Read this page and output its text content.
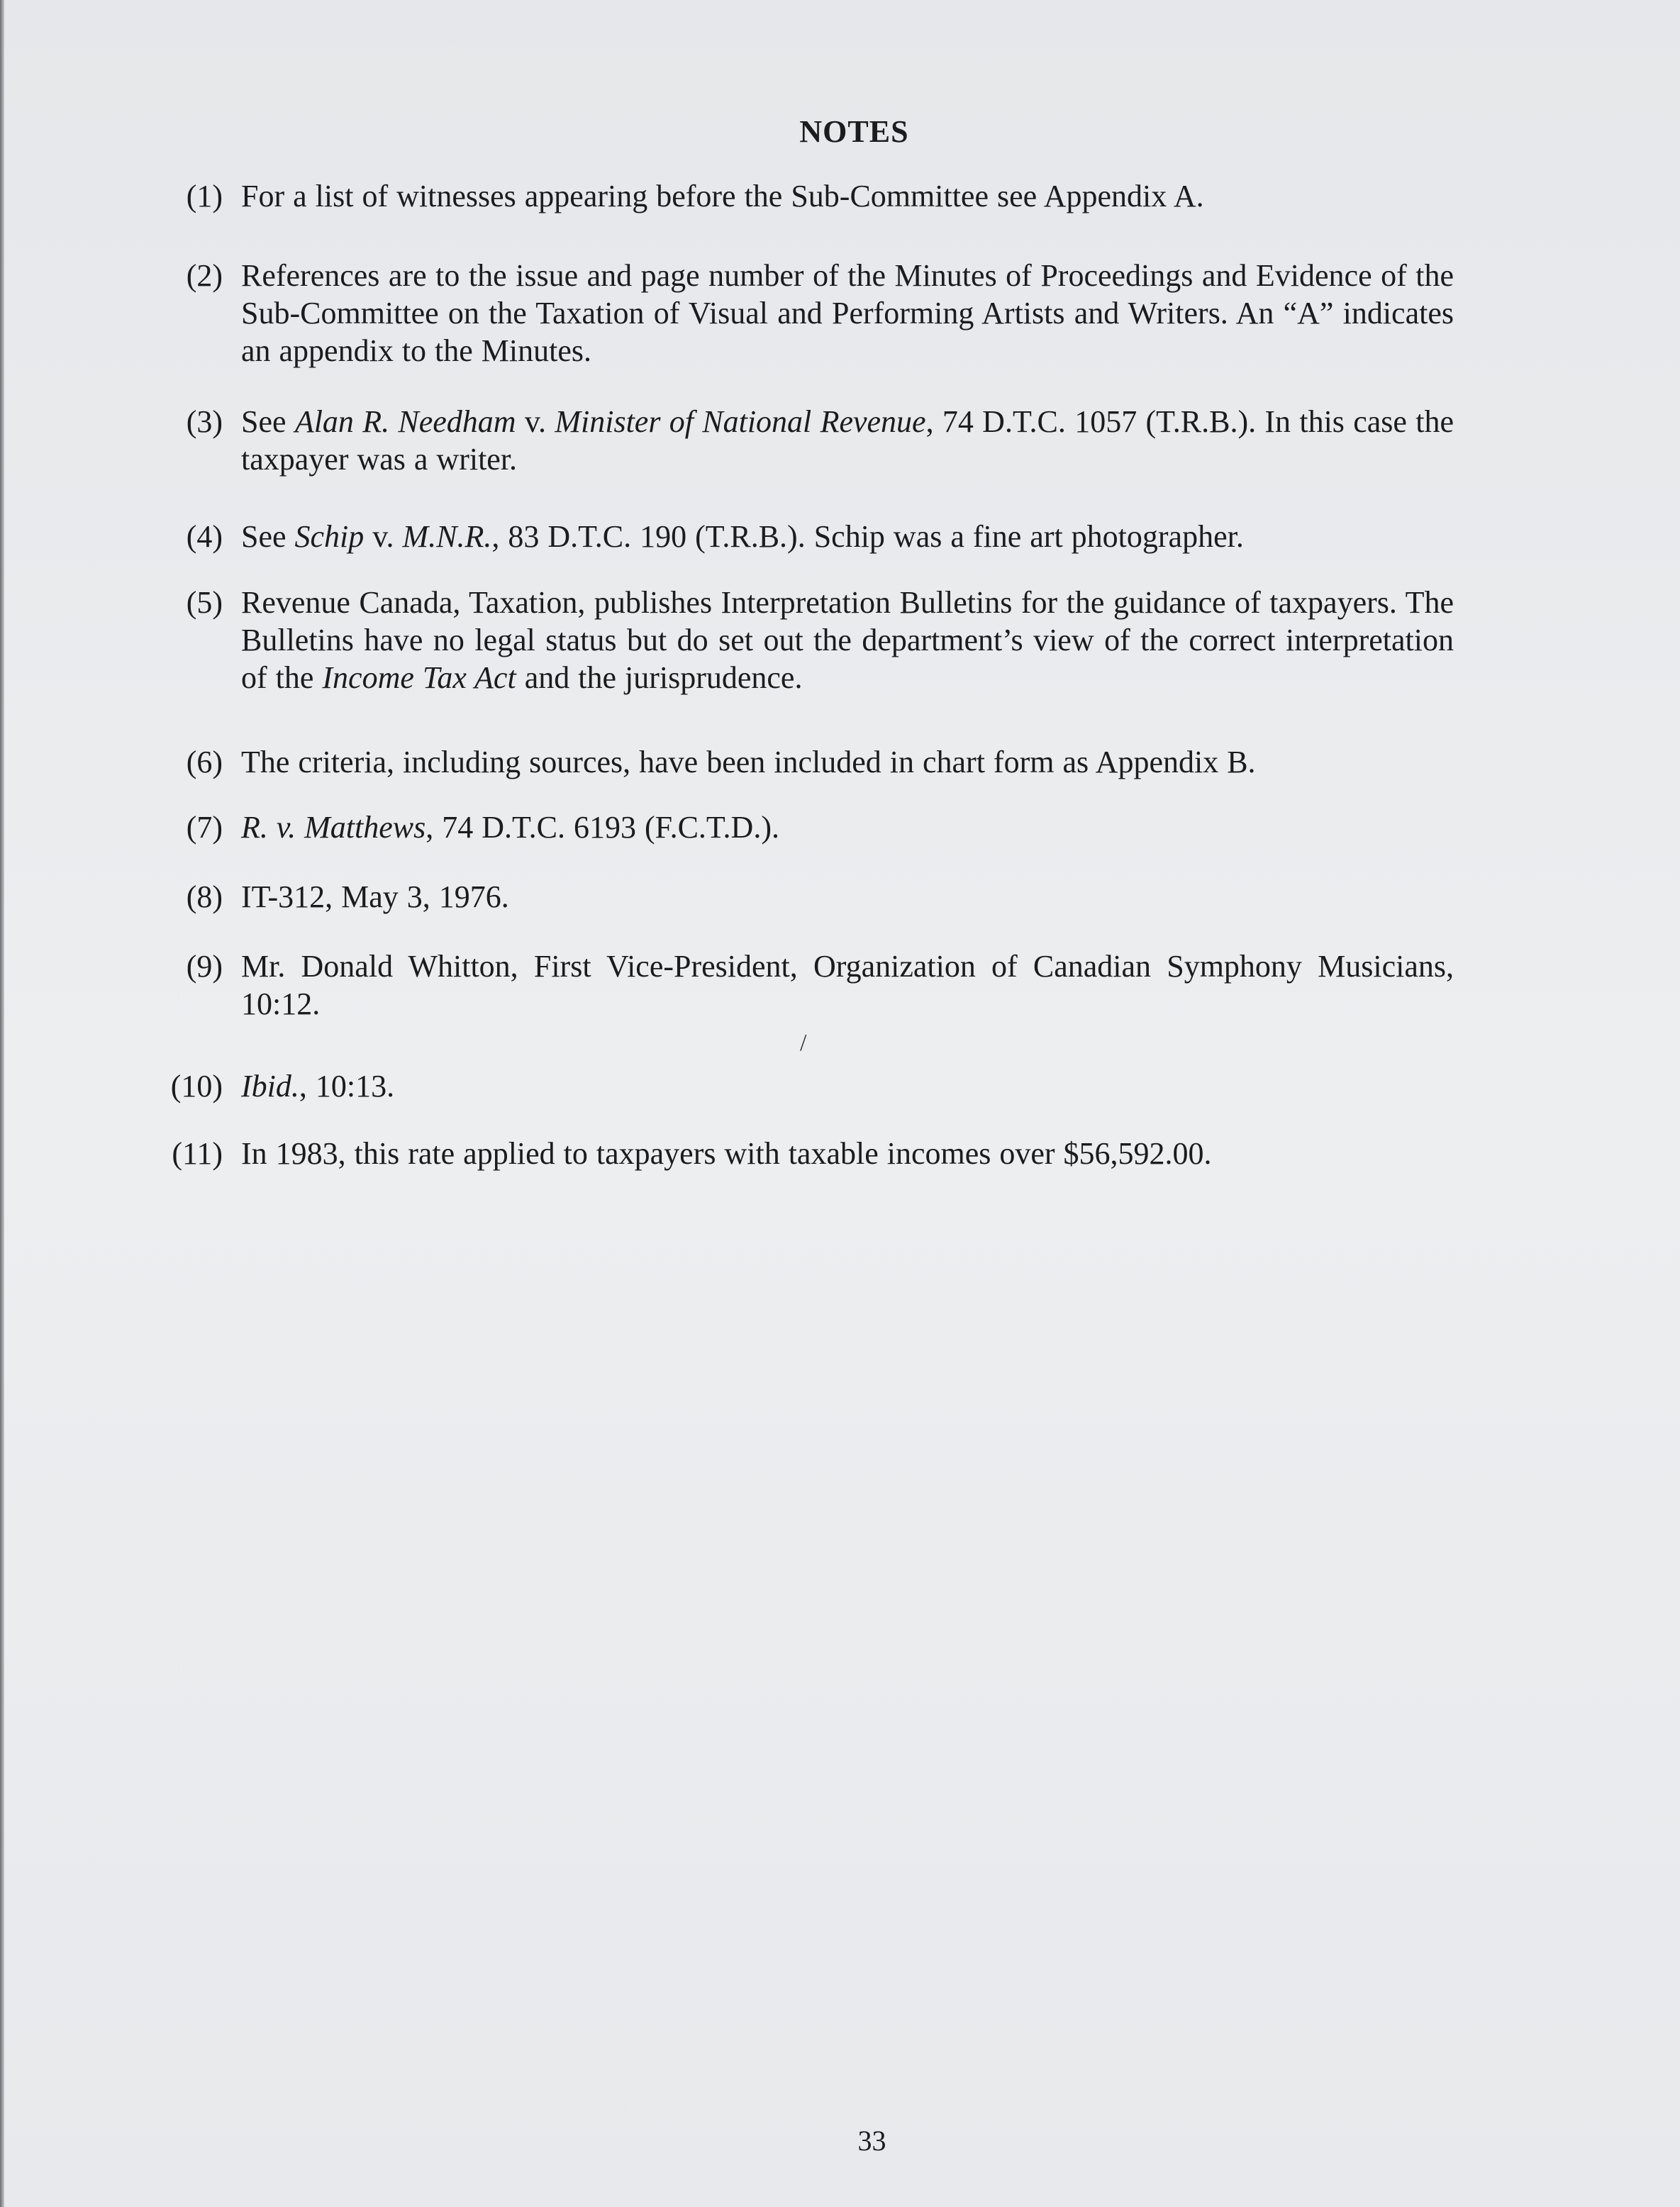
NOTES
(1) For a list of witnesses appearing before the Sub-Committee see Appendix A.
(2) References are to the issue and page number of the Minutes of Proceedings and Evidence of the Sub-Committee on the Taxation of Visual and Performing Artists and Writers. An “A” indicates an appendix to the Minutes.
(3) See Alan R. Needham v. Minister of National Revenue, 74 D.T.C. 1057 (T.R.B.). In this case the taxpayer was a writer.
(4) See Schip v. M.N.R., 83 D.T.C. 190 (T.R.B.). Schip was a fine art photographer.
(5) Revenue Canada, Taxation, publishes Interpretation Bulletins for the guidance of taxpayers. The Bulletins have no legal status but do set out the department’s view of the correct interpretation of the Income Tax Act and the jurisprudence.
(6) The criteria, including sources, have been included in chart form as Appendix B.
(7) R. v. Matthews, 74 D.T.C. 6193 (F.C.T.D.).
(8) IT-312, May 3, 1976.
(9) Mr. Donald Whitton, First Vice-President, Organization of Canadian Symphony Musicians, 10:12.
(10) Ibid., 10:13.
(11) In 1983, this rate applied to taxpayers with taxable incomes over $56,592.00.
/
33
